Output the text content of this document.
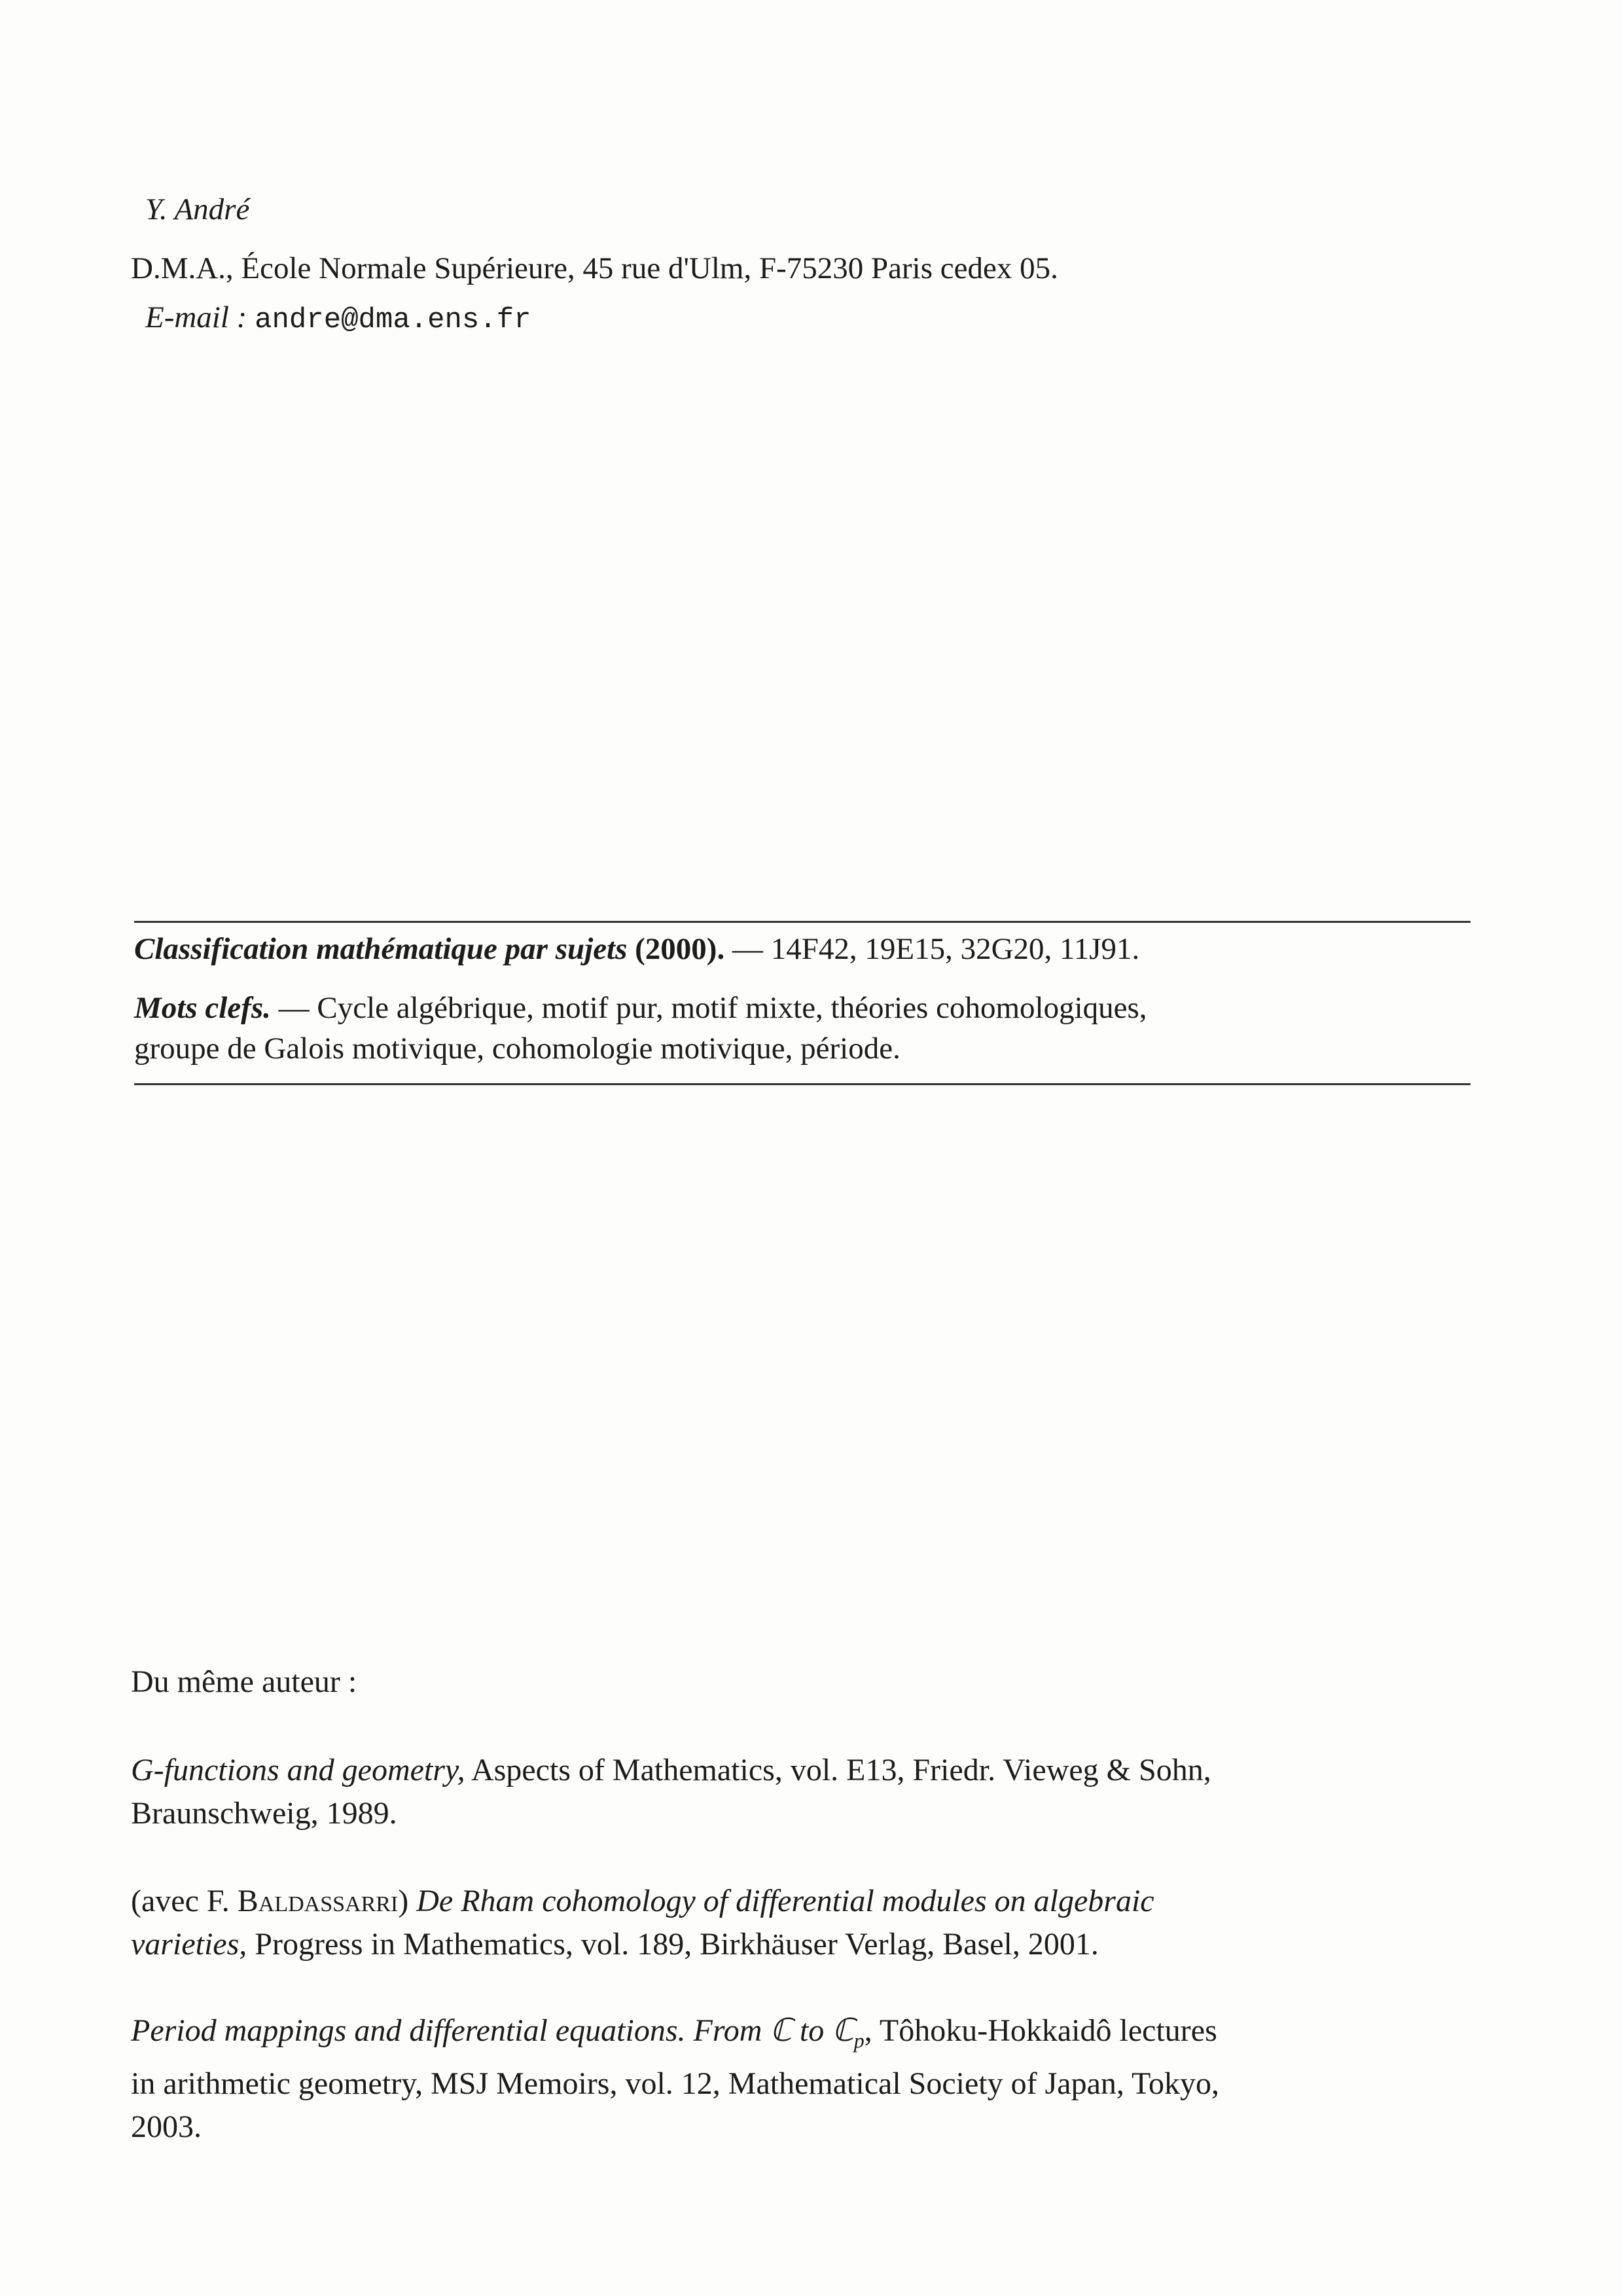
Y. André
D.M.A., École Normale Supérieure, 45 rue d'Ulm, F-75230 Paris cedex 05.
E-mail : andre@dma.ens.fr
Classification mathématique par sujets (2000). — 14F42, 19E15, 32G20, 11J91.
Mots clefs. — Cycle algébrique, motif pur, motif mixte, théories cohomologiques,
groupe de Galois motivique, cohomologie motivique, période.
Du même auteur :
G-functions and geometry, Aspects of Mathematics, vol. E13, Friedr. Vieweg & Sohn,
Braunschweig, 1989.
(avec F. Baldassarri) De Rham cohomology of differential modules on algebraic
varieties, Progress in Mathematics, vol. 189, Birkhäuser Verlag, Basel, 2001.
Period mappings and differential equations. From ℂ to ℂ$_p$, Tôhoku-Hokkaidô lectures
in arithmetic geometry, MSJ Memoirs, vol. 12, Mathematical Society of Japan, Tokyo,
2003.
